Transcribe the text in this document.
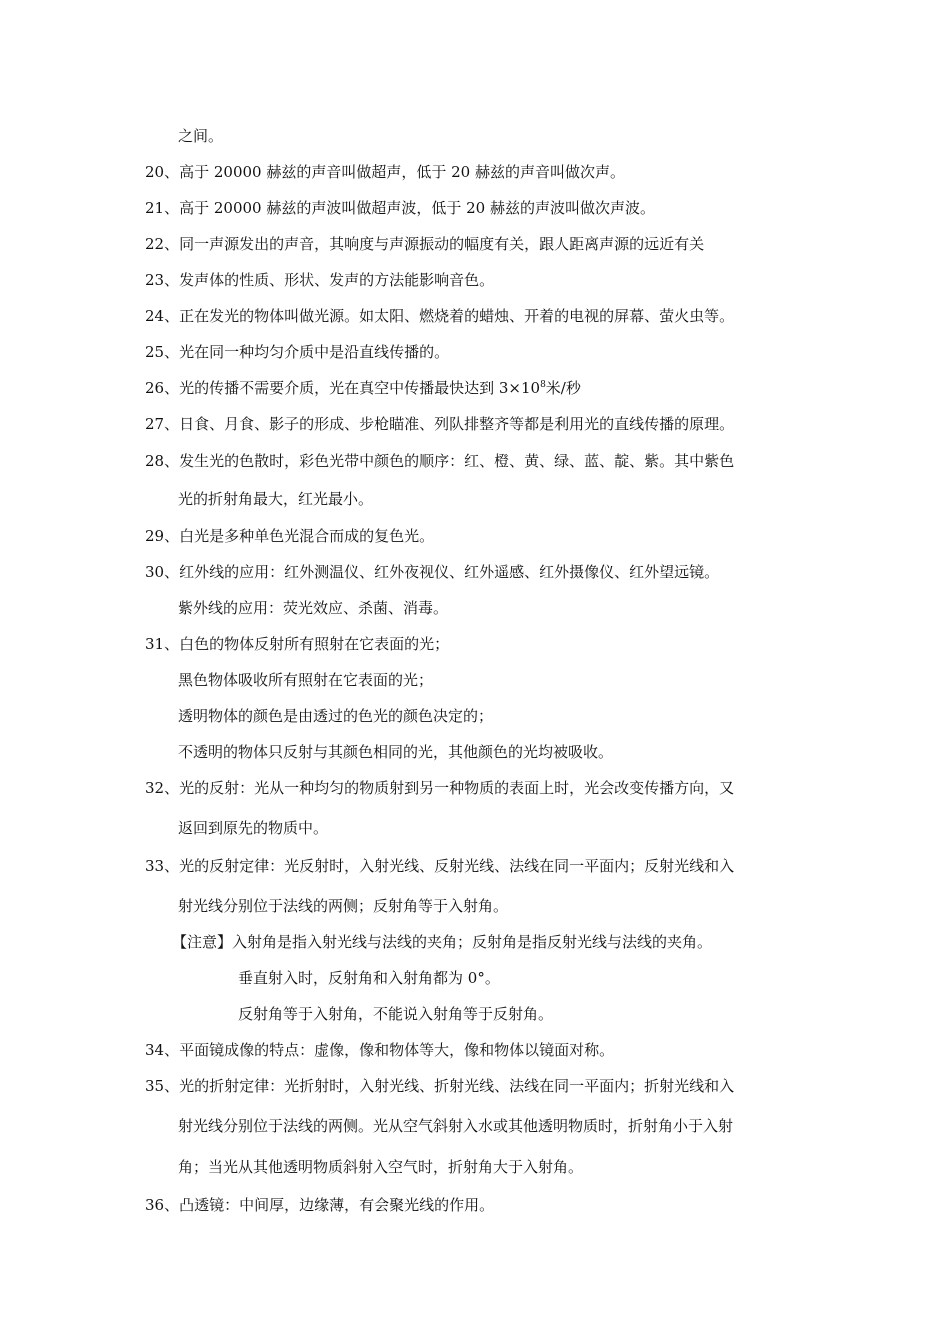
之间。
20、高于 20000 赫兹的声音叫做超声，低于 20 赫兹的声音叫做次声。
21、高于 20000 赫兹的声波叫做超声波，低于 20 赫兹的声波叫做次声波。
22、同一声源发出的声音，其响度与声源振动的幅度有关，跟人距离声源的远近有关
23、发声体的性质、形状、发声的方法能影响音色。
24、正在发光的物体叫做光源。如太阳、燃烧着的蜡烛、开着的电视的屏幕、萤火虫等。
25、光在同一种均匀介质中是沿直线传播的。
26、光的传播不需要介质，光在真空中传播最快达到 $3\times 10^8$米/秒
27、日食、月食、影子的形成、步枪瞄准、列队排整齐等都是利用光的直线传播的原理。
28、发生光的色散时，彩色光带中颜色的顺序：红、橙、黄、绿、蓝、靛、紫。其中紫色
光的折射角最大，红光最小。
29、白光是多种单色光混合而成的复色光。
30、红外线的应用：红外测温仪、红外夜视仪、红外遥感、红外摄像仪、红外望远镜。
紫外线的应用：荧光效应、杀菌、消毒。
31、白色的物体反射所有照射在它表面的光；
黑色物体吸收所有照射在它表面的光；
透明物体的颜色是由透过的色光的颜色决定的；
不透明的物体只反射与其颜色相同的光，其他颜色的光均被吸收。
32、光的反射：光从一种均匀的物质射到另一种物质的表面上时，光会改变传播方向，又
返回到原先的物质中。
33、光的反射定律：光反射时，入射光线、反射光线、法线在同一平面内；反射光线和入
射光线分别位于法线的两侧；反射角等于入射角。
【注意】入射角是指入射光线与法线的夹角；反射角是指反射光线与法线的夹角。
垂直射入时，反射角和入射角都为 0°。
反射角等于入射角，不能说入射角等于反射角。
34、平面镜成像的特点：虚像，像和物体等大，像和物体以镜面对称。
35、光的折射定律：光折射时，入射光线、折射光线、法线在同一平面内；折射光线和入
射光线分别位于法线的两侧。光从空气斜射入水或其他透明物质时，折射角小于入射
角；当光从其他透明物质斜射入空气时，折射角大于入射角。
36、凸透镜：中间厚，边缘薄，有会聚光线的作用。
